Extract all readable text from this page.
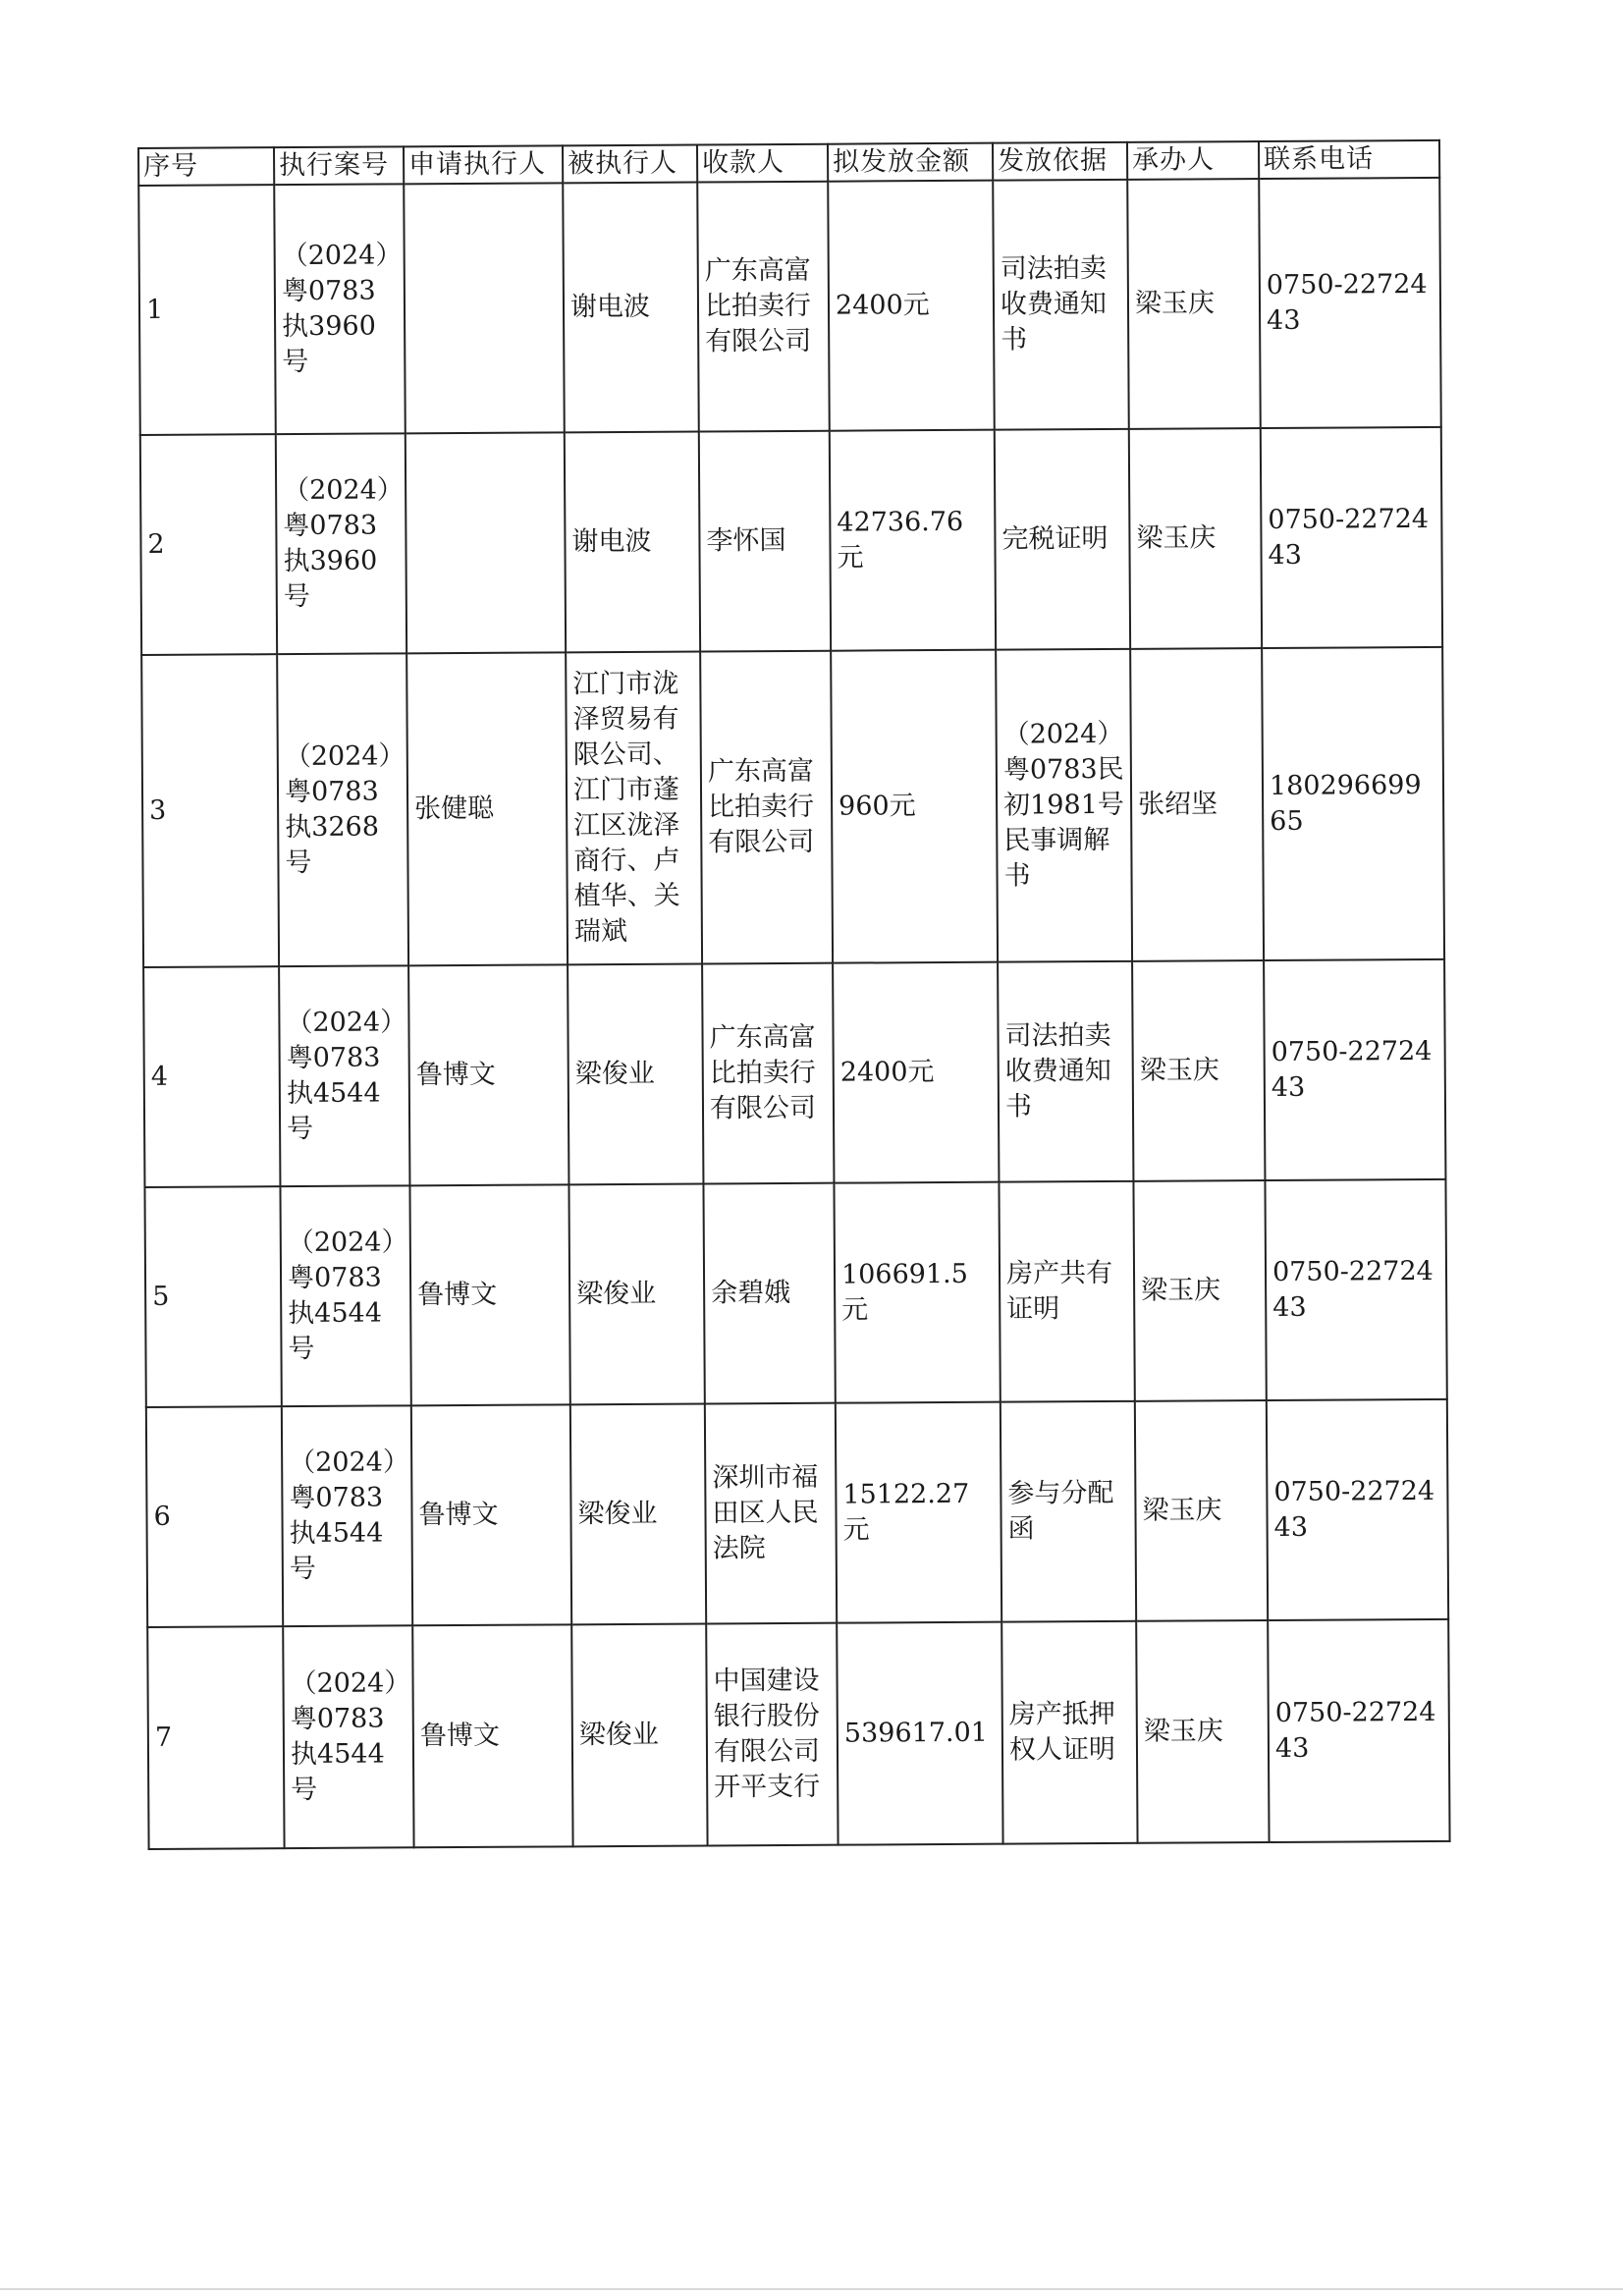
序号	执行案号	申请执行人	被执行人	收款人	拟发放金额	发放依据	承办人	联系电话
1	（2024）粤0783执3960号		谢电波	广东高富比拍卖行有限公司	2400元	司法拍卖收费通知书	梁玉庆	0750-2272443
2	（2024）粤0783执3960号		谢电波	李怀国	42736.76元	完税证明	梁玉庆	0750-2272443
3	（2024）粤0783执3268号	张健聪	江门市泷泽贸易有限公司、江门市蓬江区泷泽商行、卢植华、关瑞斌	广东高富比拍卖行有限公司	960元	（2024）粤0783民初1981号民事调解书	张绍坚	18029669965
4	（2024）粤0783执4544号	鲁博文	梁俊业	广东高富比拍卖行有限公司	2400元	司法拍卖收费通知书	梁玉庆	0750-2272443
5	（2024）粤0783执4544号	鲁博文	梁俊业	余碧娥	106691.5元	房产共有证明	梁玉庆	0750-2272443
6	（2024）粤0783执4544号	鲁博文	梁俊业	深圳市福田区人民法院	15122.27元	参与分配函	梁玉庆	0750-2272443
7	（2024）粤0783执4544号	鲁博文	梁俊业	中国建设银行股份有限公司开平支行	539617.01	房产抵押权人证明	梁玉庆	0750-2272443
